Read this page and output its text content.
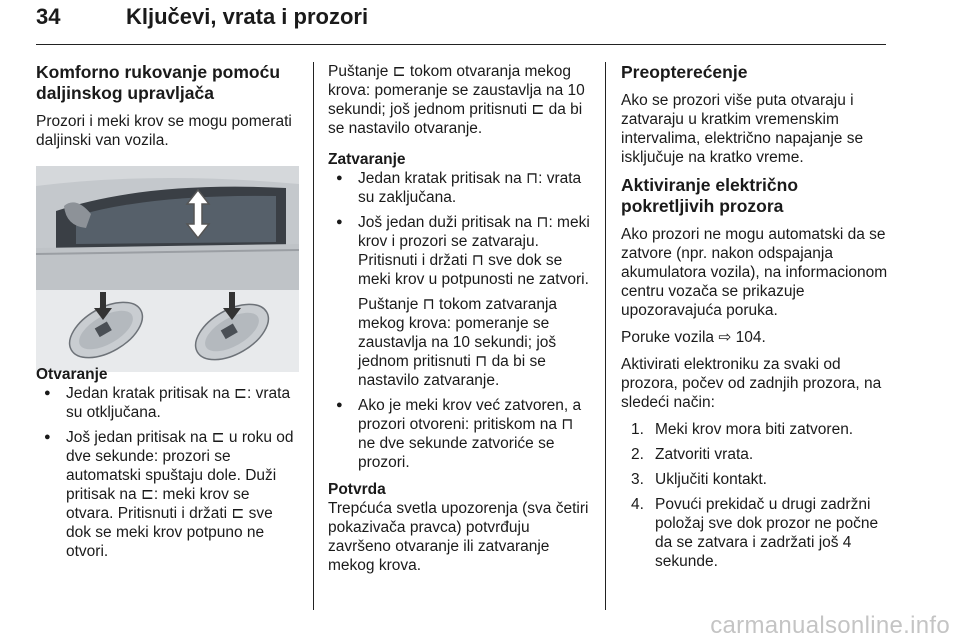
34	Ključevi, vrata i prozori
Komforno rukovanje pomoću daljinskog upravljača

Prozori i meki krov se mogu pomerati daljinski van vozila.

Otvaranje
● Jedan kratak pritisak na ⊏: vrata su otključana.
● Još jedan pritisak na ⊏ u roku od dve sekunde: prozori se automatski spuštaju dole. Duži pritisak na ⊏: meki krov se otvara. Pritisnuti i držati ⊏ sve dok se meki krov potpuno ne otvori.

Puštanje ⊏ tokom otvaranja mekog krova: pomeranje se zaustavlja na 10 sekundi; još jednom pritisnuti ⊏ da bi se nastavilo otvaranje.

Zatvaranje
● Jedan kratak pritisak na ⊓: vrata su zaključana.
● Još jedan duži pritisak na ⊓: meki krov i prozori se zatvaraju. Pritisnuti i držati ⊓ sve dok se meki krov u potpunosti ne zatvori.
Puštanje ⊓ tokom zatvaranja mekog krova: pomeranje se zaustavlja na 10 sekundi; još jednom pritisnuti ⊓ da bi se nastavilo zatvaranje.
● Ako je meki krov već zatvoren, a prozori otvoreni: pritiskom na ⊓ ne dve sekunde zatvoriće se prozori.
Potvrda

Trepćuća svetla upozorenja (sva četiri pokazivača pravca) potvrđuju završeno otvaranje ili zatvaranje mekog krova.

Preopterećenje

Ako se prozori više puta otvaraju i zatvaraju u kratkim vremenskim intervalima, električno napajanje se isključuje na kratko vreme.

Aktiviranje električno pokretljivih prozora

Ako prozori ne mogu automatski da se zatvore (npr. nakon odspajanja akumulatora vozila), na informacionom centru vozača se prikazuje upozoravajuća poruka.

Poruke vozila ⇨ 104.

Aktivirati elektroniku za svaki od prozora, počev od zadnjih prozora, na sledeći način:

1. Meki krov mora biti zatvoren.
2. Zatvoriti vrata.
3. Uključiti kontakt.
4. Povući prekidač u drugi zadržni položaj sve dok prozor ne počne da se zatvara i zadržati još 4 sekunde.
carmanualsonline.info
